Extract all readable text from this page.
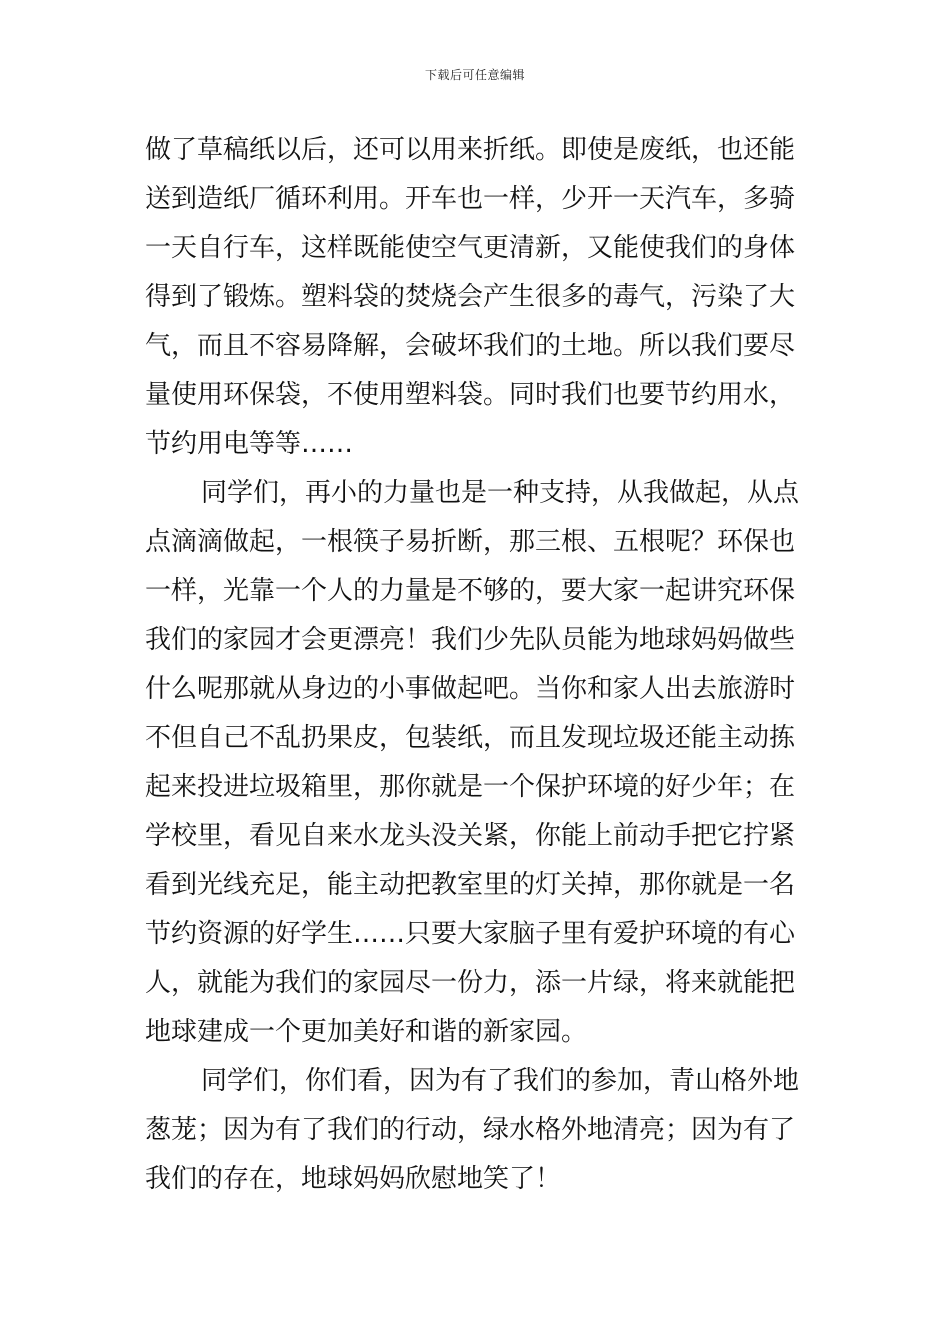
下载后可任意编辑
做了草稿纸以后，还可以用来折纸。即使是废纸，也还能
送到造纸厂循环利用。开车也一样，少开一天汽车，多骑
一天自行车，这样既能使空气更清新，又能使我们的身体
得到了锻炼。塑料袋的焚烧会产生很多的毒气，污染了大
气，而且不容易降解，会破坏我们的土地。所以我们要尽
量使用环保袋，不使用塑料袋。同时我们也要节约用水，
节约用电等等……
同学们，再小的力量也是一种支持，从我做起，从点
点滴滴做起，一根筷子易折断，那三根、五根呢？环保也
一样，光靠一个人的力量是不够的，要大家一起讲究环保
我们的家园才会更漂亮！我们少先队员能为地球妈妈做些
什么呢那就从身边的小事做起吧。当你和家人出去旅游时
不但自己不乱扔果皮，包装纸，而且发现垃圾还能主动拣
起来投进垃圾箱里，那你就是一个保护环境的好少年；在
学校里，看见自来水龙头没关紧，你能上前动手把它拧紧
看到光线充足，能主动把教室里的灯关掉，那你就是一名
节约资源的好学生……只要大家脑子里有爱护环境的有心
人，就能为我们的家园尽一份力，添一片绿，将来就能把
地球建成一个更加美好和谐的新家园。
同学们，你们看，因为有了我们的参加，青山格外地
葱茏；因为有了我们的行动，绿水格外地清亮；因为有了
我们的存在，地球妈妈欣慰地笑了！
